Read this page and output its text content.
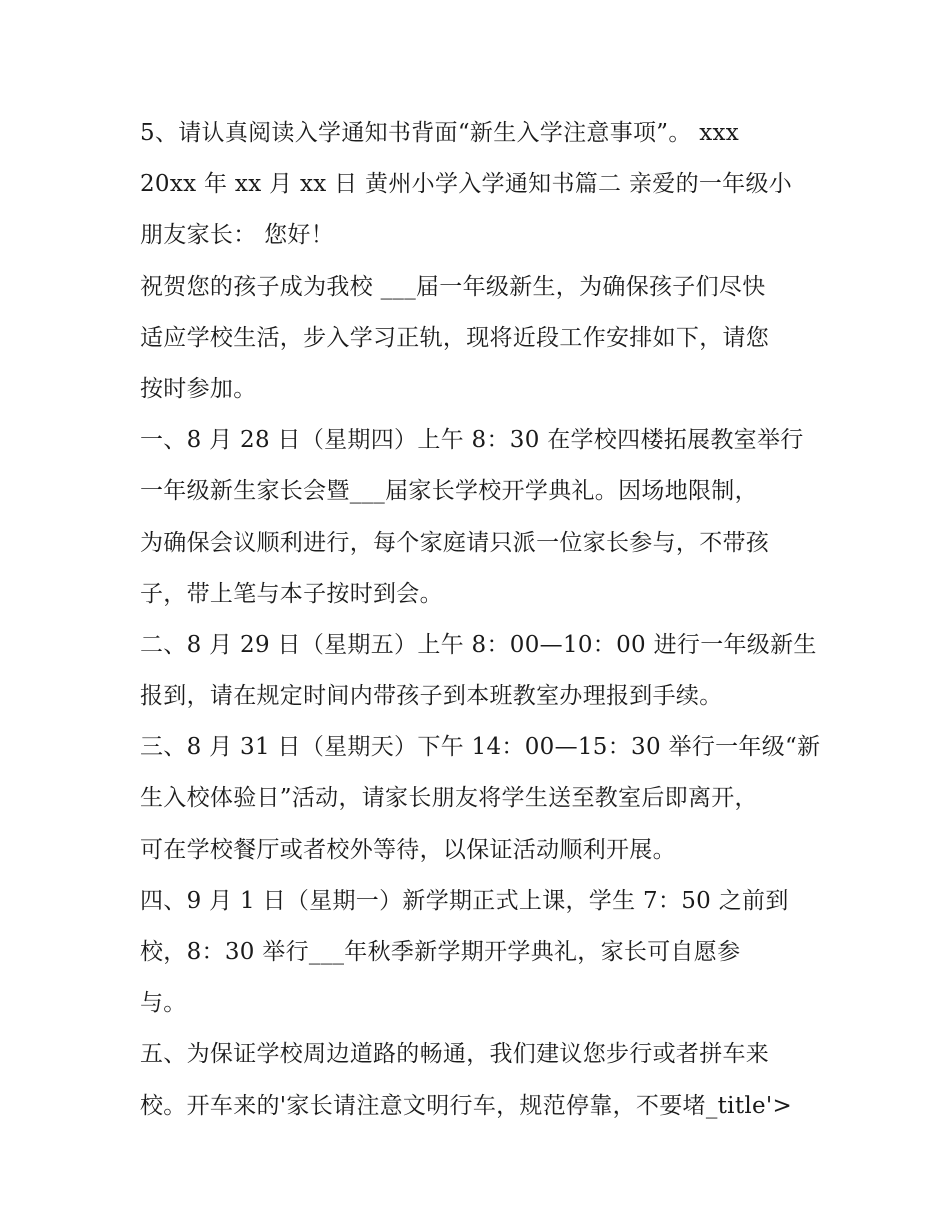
5、请认真阅读入学通知书背面“新生入学注意事项”。 xxx
20xx 年 xx 月 xx 日 黄州小学入学通知书篇二 亲爱的一年级小
朋友家长： 您好！
祝贺您的孩子成为我校 ___届一年级新生，为确保孩子们尽快
适应学校生活，步入学习正轨，现将近段工作安排如下，请您
按时参加。
一、8 月 28 日（星期四）上午 8：30 在学校四楼拓展教室举行
一年级新生家长会暨___届家长学校开学典礼。因场地限制，
为确保会议顺利进行，每个家庭请只派一位家长参与，不带孩
子，带上笔与本子按时到会。
二、8 月 29 日（星期五）上午 8：00—10：00 进行一年级新生
报到，请在规定时间内带孩子到本班教室办理报到手续。
三、8 月 31 日（星期天）下午 14：00—15：30 举行一年级“新
生入校体验日”活动，请家长朋友将学生送至教室后即离开，
可在学校餐厅或者校外等待，以保证活动顺利开展。
四、9 月 1 日（星期一）新学期正式上课，学生 7：50 之前到
校，8：30 举行___年秋季新学期开学典礼，家长可自愿参
与。
五、为保证学校周边道路的畅通，我们建议您步行或者拼车来
校。开车来的'家长请注意文明行车，规范停靠，不要堵_title'>
